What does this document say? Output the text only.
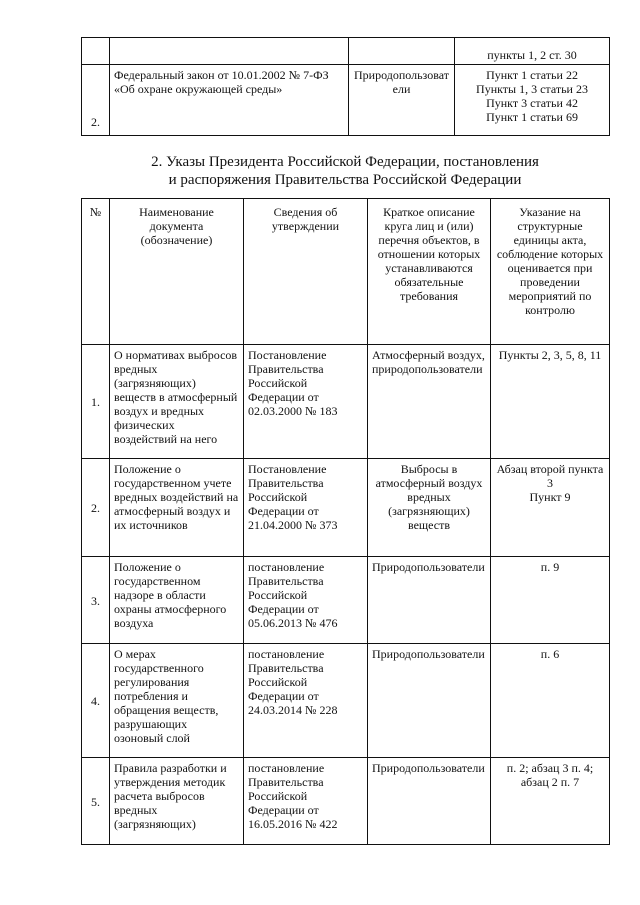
			пункты 1, 2 ст. 30
2.	Федеральный закон от 10.01.2002 № 7-ФЗ «Об охране окружающей среды»	Природопользоват
ели	Пункт 1 статьи 22
Пункты 1, 3 статьи 23
Пункт 3 статьи 42
Пункт 1 статьи 69
2. Указы Президента Российской Федерации, постановления
и распоряжения Правительства Российской Федерации
№	Наименование документа (обозначение)	Сведения об утверждении	Краткое описание круга лиц и (или) перечня объектов, в отношении которых устанавливаются обязательные требования	Указание на структурные единицы акта, соблюдение которых оценивается при проведении мероприятий по контролю
1.	О нормативах выбросов вредных (загрязняющих) веществ в атмосферный воздух и вредных физических воздействий на него	Постановление Правительства Российской Федерации от 02.03.2000 № 183	Атмосферный воздух, природопользователи	Пункты 2, 3, 5, 8, 11
2.	Положение о государственном учете вредных воздействий на атмосферный воздух и их источников	Постановление Правительства Российской Федерации от 21.04.2000 № 373	Выбросы в атмосферный воздух вредных (загрязняющих) веществ	Абзац второй пункта 3
Пункт 9

3.	Положение о государственном надзоре в области охраны атмосферного воздуха	постановление Правительства Российской Федерации от 05.06.2013 № 476	Природопользователи	п. 9
4.	О мерах государственного регулирования потребления и обращения веществ, разрушающих озоновый слой	постановление Правительства Российской Федерации от 24.03.2014 № 228	Природопользователи	п. 6
5.	Правила разработки и утверждения методик расчета выбросов вредных (загрязняющих)	постановление Правительства Российской Федерации от 16.05.2016 № 422	Природопользователи	п. 2; абзац 3 п. 4; абзац 2 п. 7
